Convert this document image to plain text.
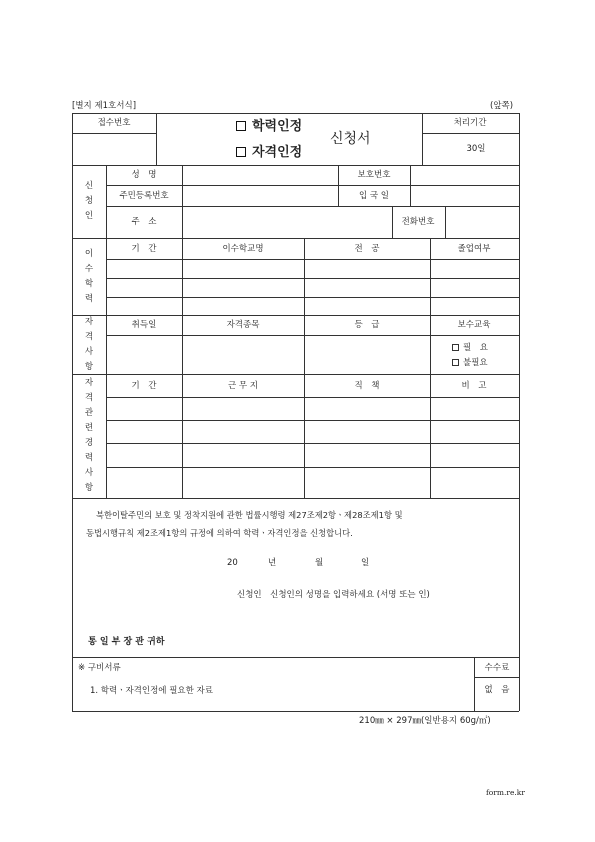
[별지 제1호서식]	(앞쪽)
접수번호	학력인정
자격인정
신청서
처리기간
30일
신
청
인
성　명	보호번호
주민등록번호	입 국 일
주　소	전화번호
이
수
학
력
기　간	이수학교명	전　공	졸업여부
자
격
사
항
취득일	자격종목	등　급	보수교육
필　요
불필요
자
격
관
련
경
력
사
항
기　간	근 무 지	직　책	비　고
북한이탈주민의 보호 및 정착지원에 관한 법률시행령 제27조제2항ㆍ제28조제1항 및
동법시행규칙 제2조제1항의 규정에 의하여 학력ㆍ자격인정을 신청합니다.
20	년	월	일
신청인　신청인의 성명을 입력하세요 (서명 또는 인)
통 일 부 장 관 귀하
※ 구비서류
1. 학력ㆍ자격인정에 필요한 자료
수수료
없　음
210㎜ × 297㎜(일반용지 60g/㎡)
form.re.kr
